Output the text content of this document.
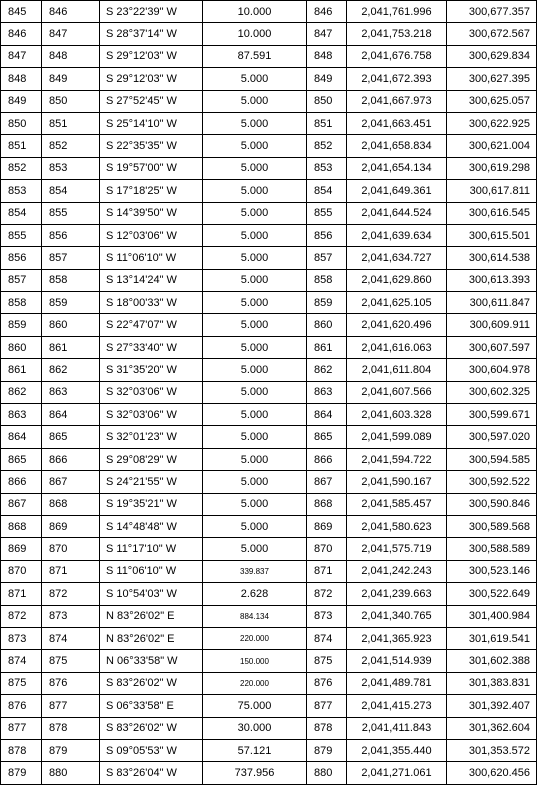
845	846	S 23°22'39" W	10.000	846	2,041,761.996	300,677.357
846	847	S 28°37'14" W	10.000	847	2,041,753.218	300,672.567
847	848	S 29°12'03" W	87.591	848	2,041,676.758	300,629.834
848	849	S 29°12'03" W	5.000	849	2,041,672.393	300,627.395
849	850	S 27°52'45" W	5.000	850	2,041,667.973	300,625.057
850	851	S 25°14'10" W	5.000	851	2,041,663.451	300,622.925
851	852	S 22°35'35" W	5.000	852	2,041,658.834	300,621.004
852	853	S 19°57'00" W	5.000	853	2,041,654.134	300,619.298
853	854	S 17°18'25" W	5.000	854	2,041,649.361	300,617.811
854	855	S 14°39'50" W	5.000	855	2,041,644.524	300,616.545
855	856	S 12°03'06" W	5.000	856	2,041,639.634	300,615.501
856	857	S 11°06'10" W	5.000	857	2,041,634.727	300,614.538
857	858	S 13°14'24" W	5.000	858	2,041,629.860	300,613.393
858	859	S 18°00'33" W	5.000	859	2,041,625.105	300,611.847
859	860	S 22°47'07" W	5.000	860	2,041,620.496	300,609.911
860	861	S 27°33'40" W	5.000	861	2,041,616.063	300,607.597
861	862	S 31°35'20" W	5.000	862	2,041,611.804	300,604.978
862	863	S 32°03'06" W	5.000	863	2,041,607.566	300,602.325
863	864	S 32°03'06" W	5.000	864	2,041,603.328	300,599.671
864	865	S 32°01'23" W	5.000	865	2,041,599.089	300,597.020
865	866	S 29°08'29" W	5.000	866	2,041,594.722	300,594.585
866	867	S 24°21'55" W	5.000	867	2,041,590.167	300,592.522
867	868	S 19°35'21" W	5.000	868	2,041,585.457	300,590.846
868	869	S 14°48'48" W	5.000	869	2,041,580.623	300,589.568
869	870	S 11°17'10" W	5.000	870	2,041,575.719	300,588.589
870	871	S 11°06'10" W	339.837	871	2,041,242.243	300,523.146
871	872	S 10°54'03" W	2.628	872	2,041,239.663	300,522.649
872	873	N 83°26'02" E	884.134	873	2,041,340.765	301,400.984
873	874	N 83°26'02" E	220.000	874	2,041,365.923	301,619.541
874	875	N 06°33'58" W	150.000	875	2,041,514.939	301,602.388
875	876	S 83°26'02" W	220.000	876	2,041,489.781	301,383.831
876	877	S 06°33'58" E	75.000	877	2,041,415.273	301,392.407
877	878	S 83°26'02" W	30.000	878	2,041,411.843	301,362.604
878	879	S 09°05'53" W	57.121	879	2,041,355.440	301,353.572
879	880	S 83°26'04" W	737.956	880	2,041,271.061	300,620.456
